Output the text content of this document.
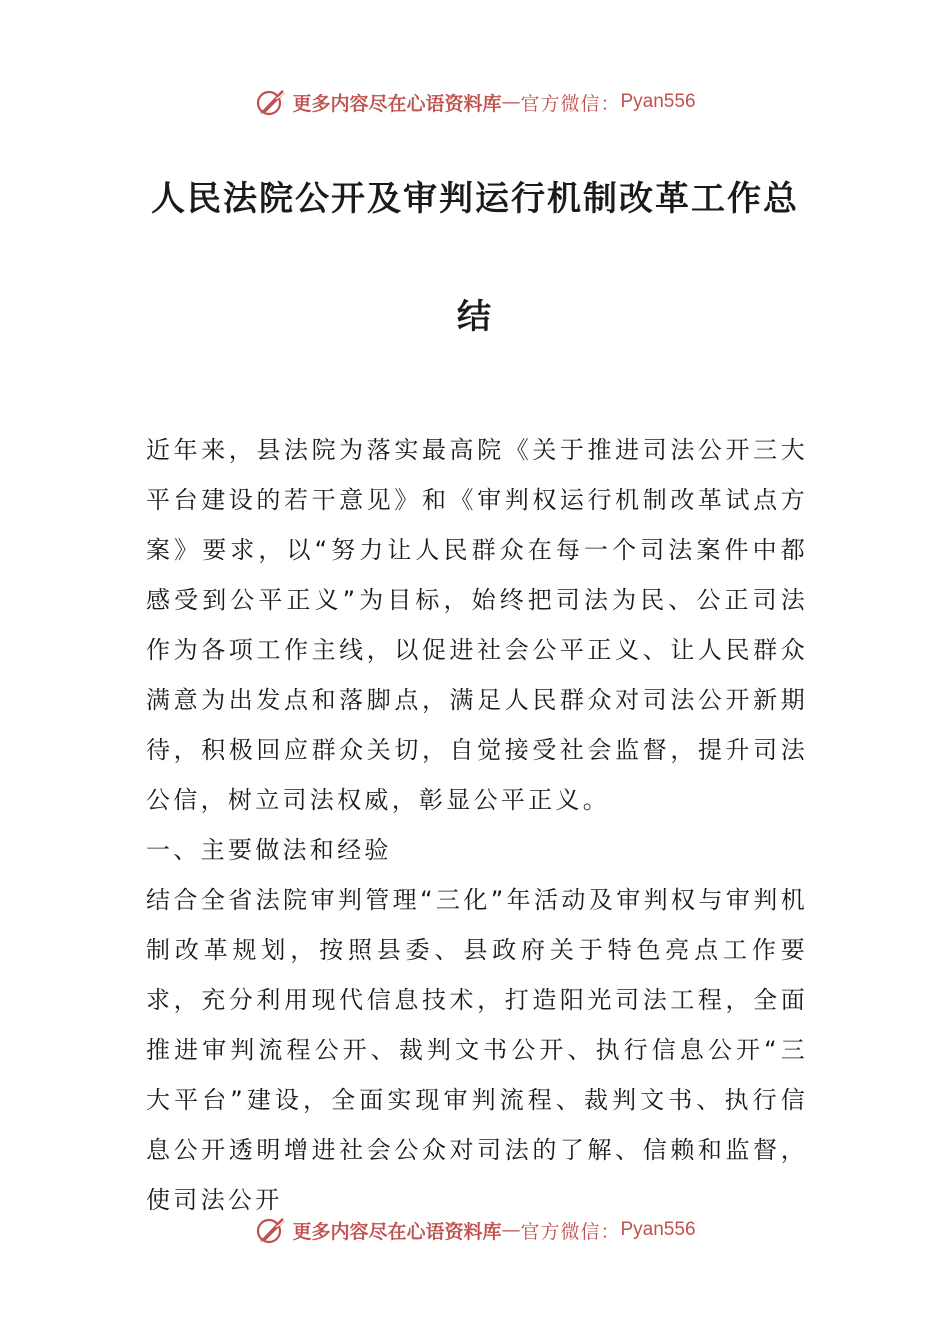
更多内容尽在心语资料库 — 官方微信： Pyan556
人民法院公开及审判运行机制改革工作总
结

近年来，县法院为落实最高院《关于推进司法公开三大平台建设的若干意见》和《审判权运行机制改革试点方案》要求，以“努力让人民群众在每一个司法案件中都感受到公平正义”为目标，始终把司法为民、公正司法作为各项工作主线，以促进社会公平正义、让人民群众满意为出发点和落脚点，满足人民群众对司法公开新期待，积极回应群众关切，自觉接受社会监督，提升司法公信，树立司法权威，彰显公平正义。

一、主要做法和经验

结合全省法院审判管理“三化”年活动及审判权与审判机制改革规划，按照县委、县政府关于特色亮点工作要求，充分利用现代信息技术，打造阳光司法工程，全面推进审判流程公开、裁判文书公开、执行信息公开“三大平台”建设，全面实现审判流程、裁判文书、执行信息公开透明增进社会公众对司法的了解、信赖和监督，使司法公开

更多内容尽在心语资料库 — 官方微信： Pyan556
